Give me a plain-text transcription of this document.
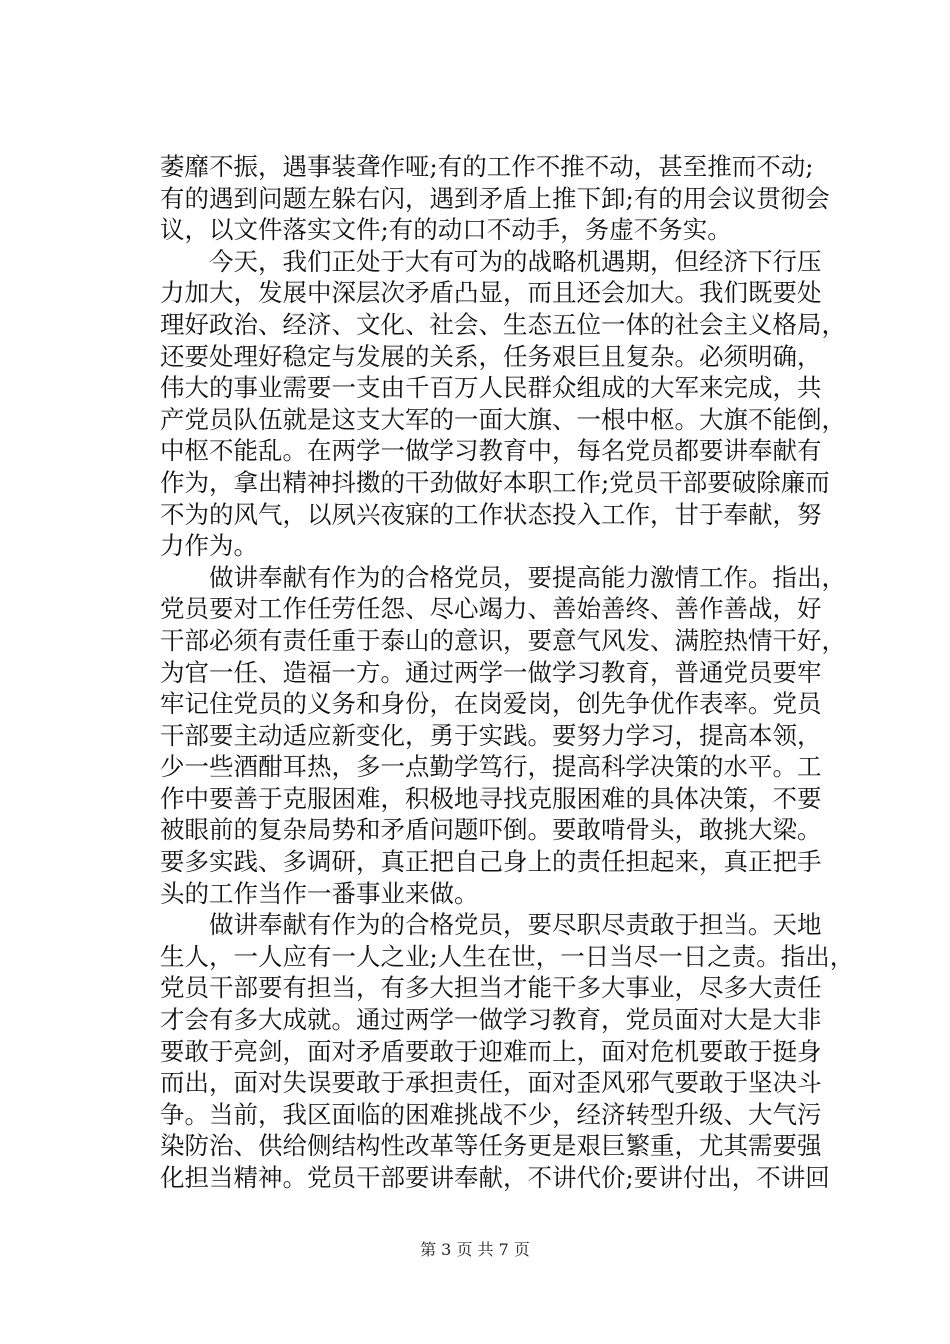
萎靡不振，遇事装聋作哑;有的工作不推不动，甚至推而不动;
有的遇到问题左躲右闪，遇到矛盾上推下卸;有的用会议贯彻会
议，以文件落实文件;有的动口不动手，务虚不务实。
今天，我们正处于大有可为的战略机遇期，但经济下行压
力加大，发展中深层次矛盾凸显，而且还会加大。我们既要处
理好政治、经济、文化、社会、生态五位一体的社会主义格局，
还要处理好稳定与发展的关系，任务艰巨且复杂。必须明确，
伟大的事业需要一支由千百万人民群众组成的大军来完成，共
产党员队伍就是这支大军的一面大旗、一根中枢。大旗不能倒，
中枢不能乱。在两学一做学习教育中，每名党员都要讲奉献有
作为，拿出精神抖擞的干劲做好本职工作;党员干部要破除廉而
不为的风气，以夙兴夜寐的工作状态投入工作，甘于奉献，努
力作为。
做讲奉献有作为的合格党员，要提高能力激情工作。指出，
党员要对工作任劳任怨、尽心竭力、善始善终、善作善战，好
干部必须有责任重于泰山的意识，要意气风发、满腔热情干好，
为官一任、造福一方。通过两学一做学习教育，普通党员要牢
牢记住党员的义务和身份，在岗爱岗，创先争优作表率。党员
干部要主动适应新变化，勇于实践。要努力学习，提高本领，
少一些酒酣耳热，多一点勤学笃行，提高科学决策的水平。工
作中要善于克服困难，积极地寻找克服困难的具体决策，不要
被眼前的复杂局势和矛盾问题吓倒。要敢啃骨头，敢挑大梁。
要多实践、多调研，真正把自己身上的责任担起来，真正把手
头的工作当作一番事业来做。
做讲奉献有作为的合格党员，要尽职尽责敢于担当。天地
生人，一人应有一人之业;人生在世，一日当尽一日之责。指出，
党员干部要有担当，有多大担当才能干多大事业，尽多大责任
才会有多大成就。通过两学一做学习教育，党员面对大是大非
要敢于亮剑，面对矛盾要敢于迎难而上，面对危机要敢于挺身
而出，面对失误要敢于承担责任，面对歪风邪气要敢于坚决斗
争。当前，我区面临的困难挑战不少，经济转型升级、大气污
染防治、供给侧结构性改革等任务更是艰巨繁重，尤其需要强
化担当精神。党员干部要讲奉献，不讲代价;要讲付出，不讲回
第 3 页 共 7 页
